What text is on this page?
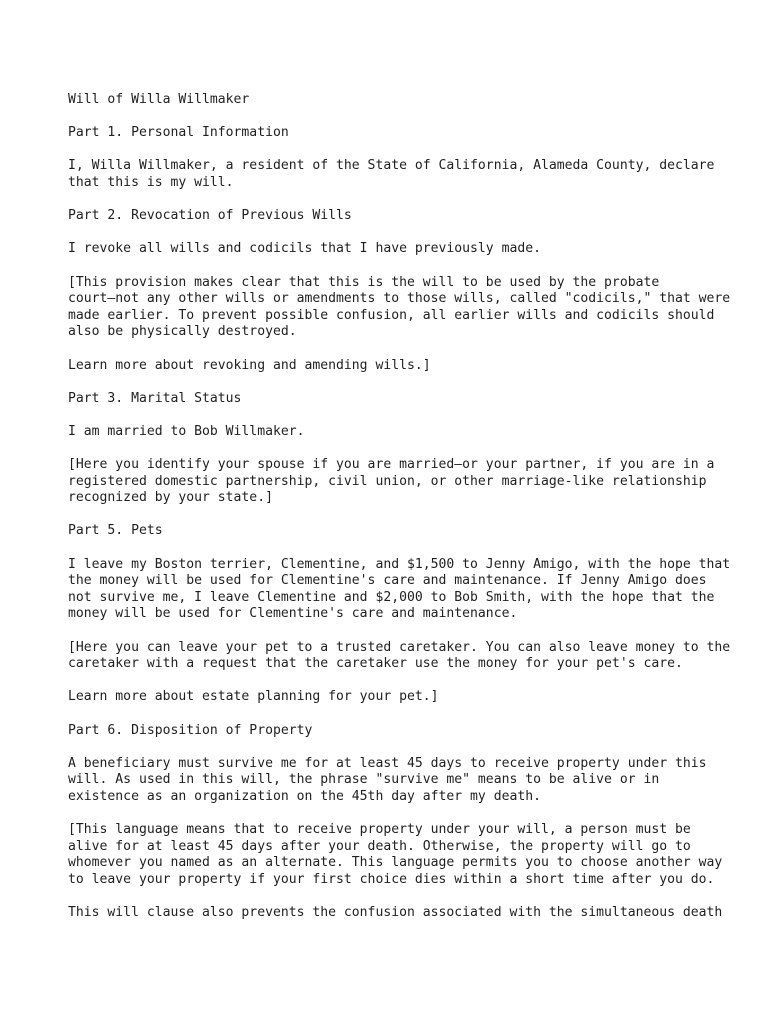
Will of Willa Willmaker

Part 1. Personal Information

I, Willa Willmaker, a resident of the State of California, Alameda County, declare
that this is my will.

Part 2. Revocation of Previous Wills

I revoke all wills and codicils that I have previously made.

[This provision makes clear that this is the will to be used by the probate
court—not any other wills or amendments to those wills, called "codicils," that were
made earlier. To prevent possible confusion, all earlier wills and codicils should
also be physically destroyed.

Learn more about revoking and amending wills.]

Part 3. Marital Status

I am married to Bob Willmaker.

[Here you identify your spouse if you are married—or your partner, if you are in a
registered domestic partnership, civil union, or other marriage-like relationship
recognized by your state.]

Part 5. Pets

I leave my Boston terrier, Clementine, and $1,500 to Jenny Amigo, with the hope that
the money will be used for Clementine's care and maintenance. If Jenny Amigo does
not survive me, I leave Clementine and $2,000 to Bob Smith, with the hope that the
money will be used for Clementine's care and maintenance.

[Here you can leave your pet to a trusted caretaker. You can also leave money to the
caretaker with a request that the caretaker use the money for your pet's care.

Learn more about estate planning for your pet.]

Part 6. Disposition of Property

A beneficiary must survive me for at least 45 days to receive property under this
will. As used in this will, the phrase "survive me" means to be alive or in
existence as an organization on the 45th day after my death.

[This language means that to receive property under your will, a person must be
alive for at least 45 days after your death. Otherwise, the property will go to
whomever you named as an alternate. This language permits you to choose another way
to leave your property if your first choice dies within a short time after you do.

This will clause also prevents the confusion associated with the simultaneous death
